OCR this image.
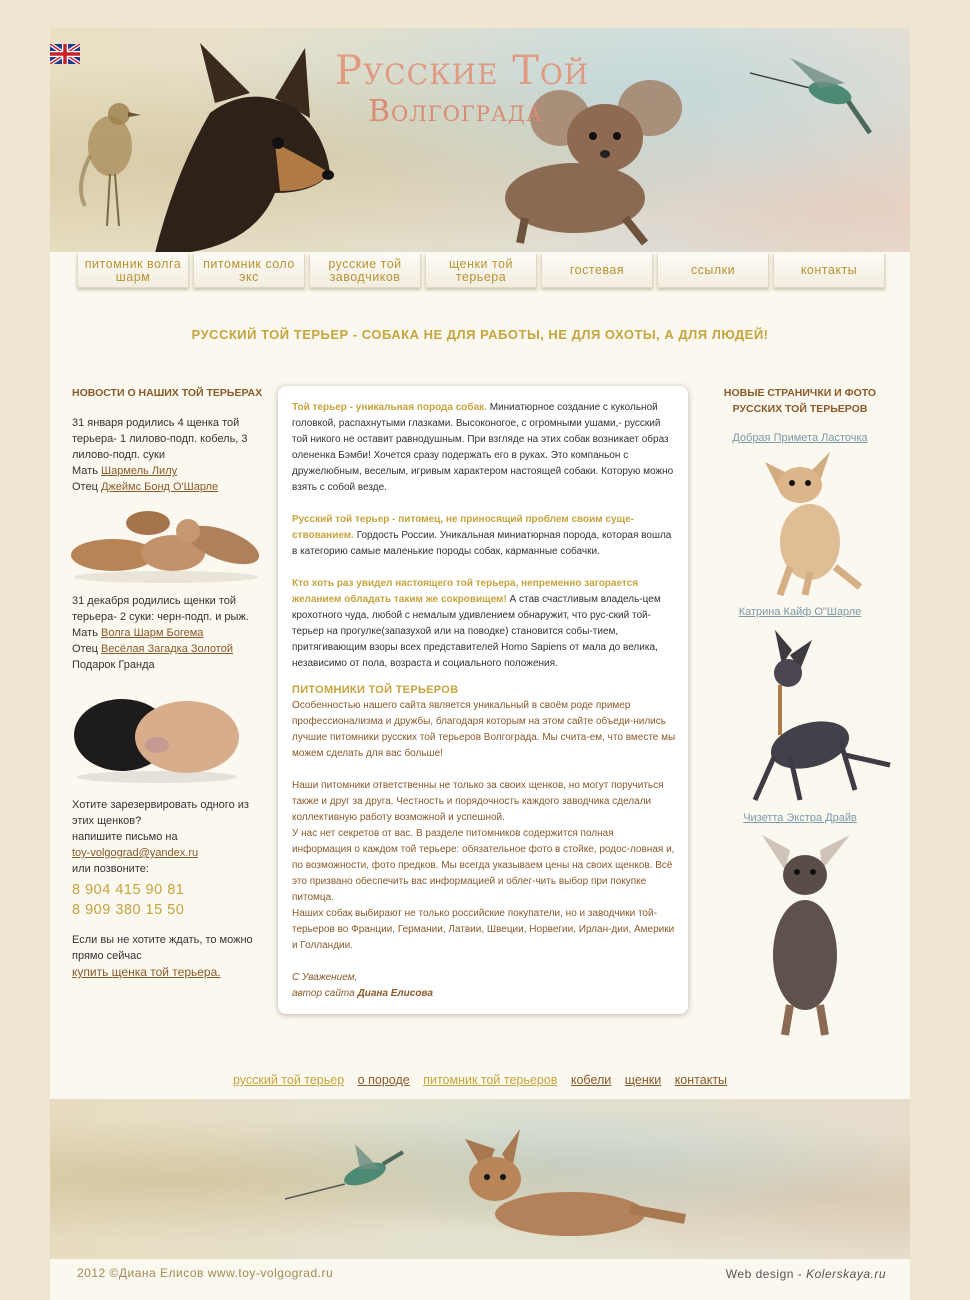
Русские Той
Волгограда
питомник волга шарм
питомник соло экс
русские той заводчиков
щенки той терьера	гостевая	ссылки	контакты
РУССКИЙ ТОЙ ТЕРЬЕР - СОБАКА НЕ ДЛЯ РАБОТЫ, НЕ ДЛЯ ОХОТЫ, А ДЛЯ ЛЮДЕЙ!
НОВОСТИ О НАШИХ ТОЙ ТЕРЬЕРАХ

31 января родились 4 щенка той терьера- 1 лилово-подп. кобель, 3 лилово-подп. суки

Мать Шармель Лилу

Отец Джеймс Бонд О'Шарле

31 декабря родились щенки той терьера- 2 суки: черн-подп. и рыж.

Мать Волга Шарм Богема

Отец Весёлая Загадка Золотой

Подарок Гранда

Хотите зарезервировать одного из этих щенков?

напишите письмо на

toy-volgograd@yandex.ru

или позвоните:

8 904 415 90 81
8 909 380 15 50

Если вы не хотите ждать, то можно прямо сейчас

купить щенка той терьера.

Той терьер - уникальная порода собак. Миниатюрное создание с кукольной головкой, распахнутыми глазками. Высоконогое, с огромными ушами,- русский той никого не оставит равнодушным. При взгляде на этих собак возникает образ олененка Бэмби! Хочется сразу подержать его в руках. Это компаньон с дружелюбным, веселым, игривым характером настоящей собаки. Которую можно взять с собой везде.

Русский той терьер - питомец, не приносящий проблем своим суще-ствованием. Гордость России. Уникальная миниатюрная порода, которая вошла в категорию самые маленькие породы собак, карманные собачки.

Кто хоть раз увидел настоящего той терьера, непременно загорается желанием обладать таким же сокровищем! А став счастливым владель-цем крохотного чуда, любой с немалым удивлением обнаружит, что рус-ский той-терьер на прогулке(запазухой или на поводке) становится собы-тием, притягивающим взоры всех представителей Homo Sapiens от мала до велика, независимо от пола, возраста и социального положения.

ПИТОМНИКИ ТОЙ ТЕРЬЕРОВ

Особенностью нашего сайта является уникальный в своём роде пример профессионализма и дружбы, благодаря которым на этом сайте объеди-нились лучшие питомники русских той терьеров Волгограда. Мы счита-ем, что вместе мы можем сделать для вас больше!

Наши питомники ответственны не только за своих щенков, но могут поручиться также и друг за друга. Честность и порядочность каждого заводчика сделали коллективную работу возможной и успешной.

У нас нет секретов от вас. В разделе питомников содержится полная информация о каждом той терьере: обязательное фото в стойке, родос-ловная и, по возможности, фото предков. Мы всегда указываем цены на своих щенков. Всё это призвано обеспечить вас информацией и облег-чить выбор при покупке питомца.

Наших собак выбирают не только российские покупатели, но и заводчики той-терьеров во Франции, Германии, Латвии, Швеции, Норвегии, Ирлан-дии, Америки и Голландии.

С Уважением,

автор сайта Диана Елисова

НОВЫЕ СТРАНИЧКИ И ФОТО РУССКИХ ТОЙ ТЕРЬЕРОВ
Добрая Примета Ласточка
Катрина Кайф О"Шарле
Чизетта Экстра Драйв
русский той терьер о породе питомник той терьеров кобели щенки контакты
2012 ©Диана Елисов www.toy-volgograd.ru	Web design - Kolerskaya.ru
